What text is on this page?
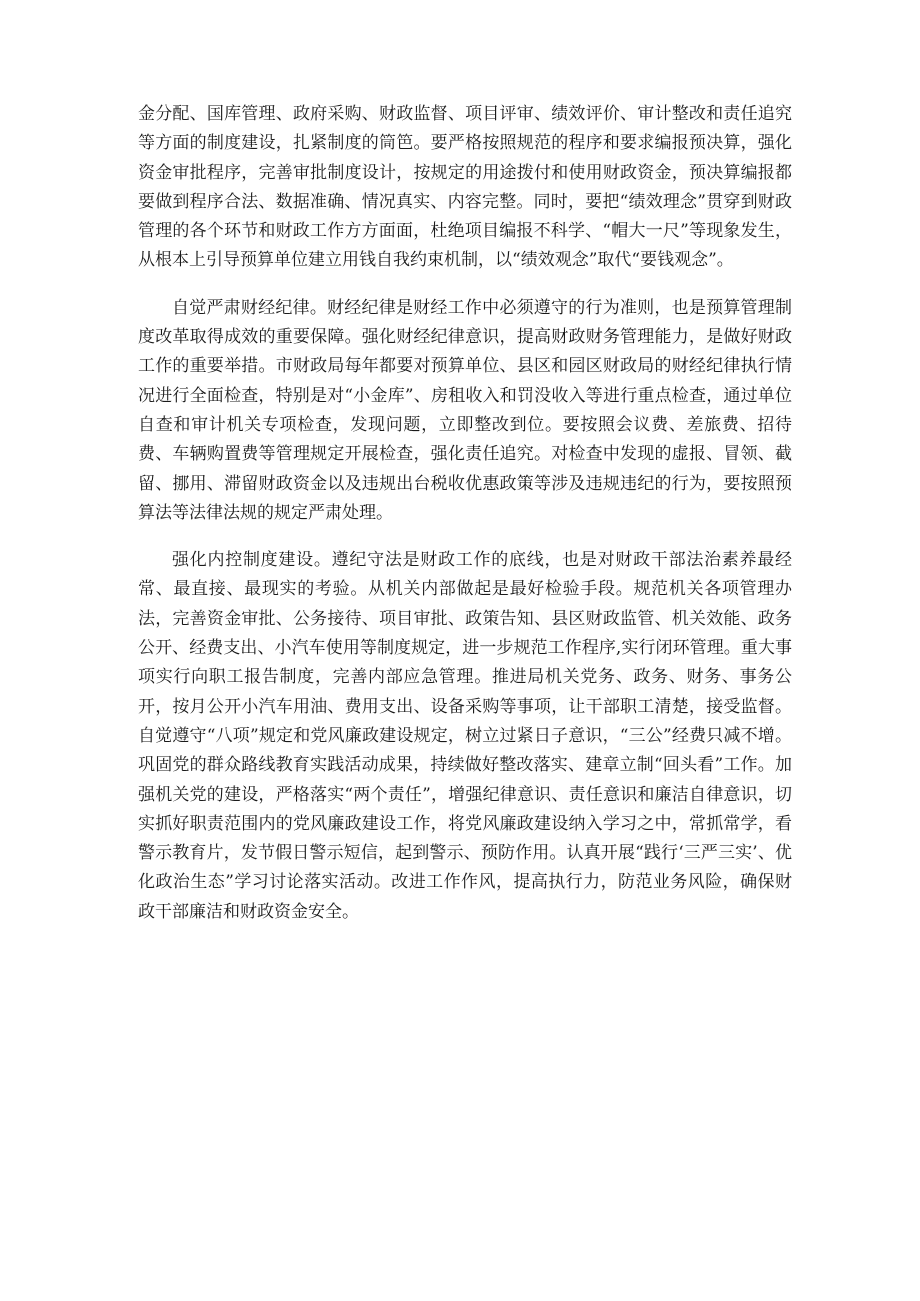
金分配、国库管理、政府采购、财政监督、项目评审、绩效评价、审计整改和责任追究等方面的制度建设，扎紧制度的筒笆。要严格按照规范的程序和要求编报预决算，强化资金审批程序，完善审批制度设计，按规定的用途拨付和使用财政资金，预决算编报都要做到程序合法、数据准确、情况真实、内容完整。同时，要把“绩效理念”贯穿到财政管理的各个环节和财政工作方方面面，杜绝项目编报不科学、“帽大一尺”等现象发生，从根本上引导预算单位建立用钱自我约束机制，以“绩效观念”取代“要钱观念”。

自觉严肃财经纪律。财经纪律是财经工作中必须遵守的行为准则，也是预算管理制度改革取得成效的重要保障。强化财经纪律意识，提高财政财务管理能力，是做好财政工作的重要举措。市财政局每年都要对预算单位、县区和园区财政局的财经纪律执行情况进行全面检查，特别是对“小金库”、房租收入和罚没收入等进行重点检查，通过单位自查和审计机关专项检查，发现问题，立即整改到位。要按照会议费、差旅费、招待费、车辆购置费等管理规定开展检查，强化责任追究。对检查中发现的虚报、冒领、截留、挪用、滞留财政资金以及违规出台税收优惠政策等涉及违规违纪的行为，要按照预算法等法律法规的规定严肃处理。

强化内控制度建设。遵纪守法是财政工作的底线，也是对财政干部法治素养最经常、最直接、最现实的考验。从机关内部做起是最好检验手段。规范机关各项管理办法，完善资金审批、公务接待、项目审批、政策告知、县区财政监管、机关效能、政务公开、经费支出、小汽车使用等制度规定，进一步规范工作程序,实行闭环管理。重大事项实行向职工报告制度，完善内部应急管理。推进局机关党务、政务、财务、事务公开，按月公开小汽车用油、费用支出、设备采购等事项，让干部职工清楚，接受监督。自觉遵守“八项”规定和党风廉政建设规定，树立过紧日子意识，“三公”经费只减不增。巩固党的群众路线教育实践活动成果，持续做好整改落实、建章立制“回头看”工作。加强机关党的建设，严格落实“两个责任”，增强纪律意识、责任意识和廉洁自律意识，切实抓好职责范围内的党风廉政建设工作，将党风廉政建设纳入学习之中，常抓常学，看警示教育片，发节假日警示短信，起到警示、预防作用。认真开展“践行‘三严三实’、优化政治生态”学习讨论落实活动。改进工作作风，提高执行力，防范业务风险，确保财政干部廉洁和财政资金安全。
